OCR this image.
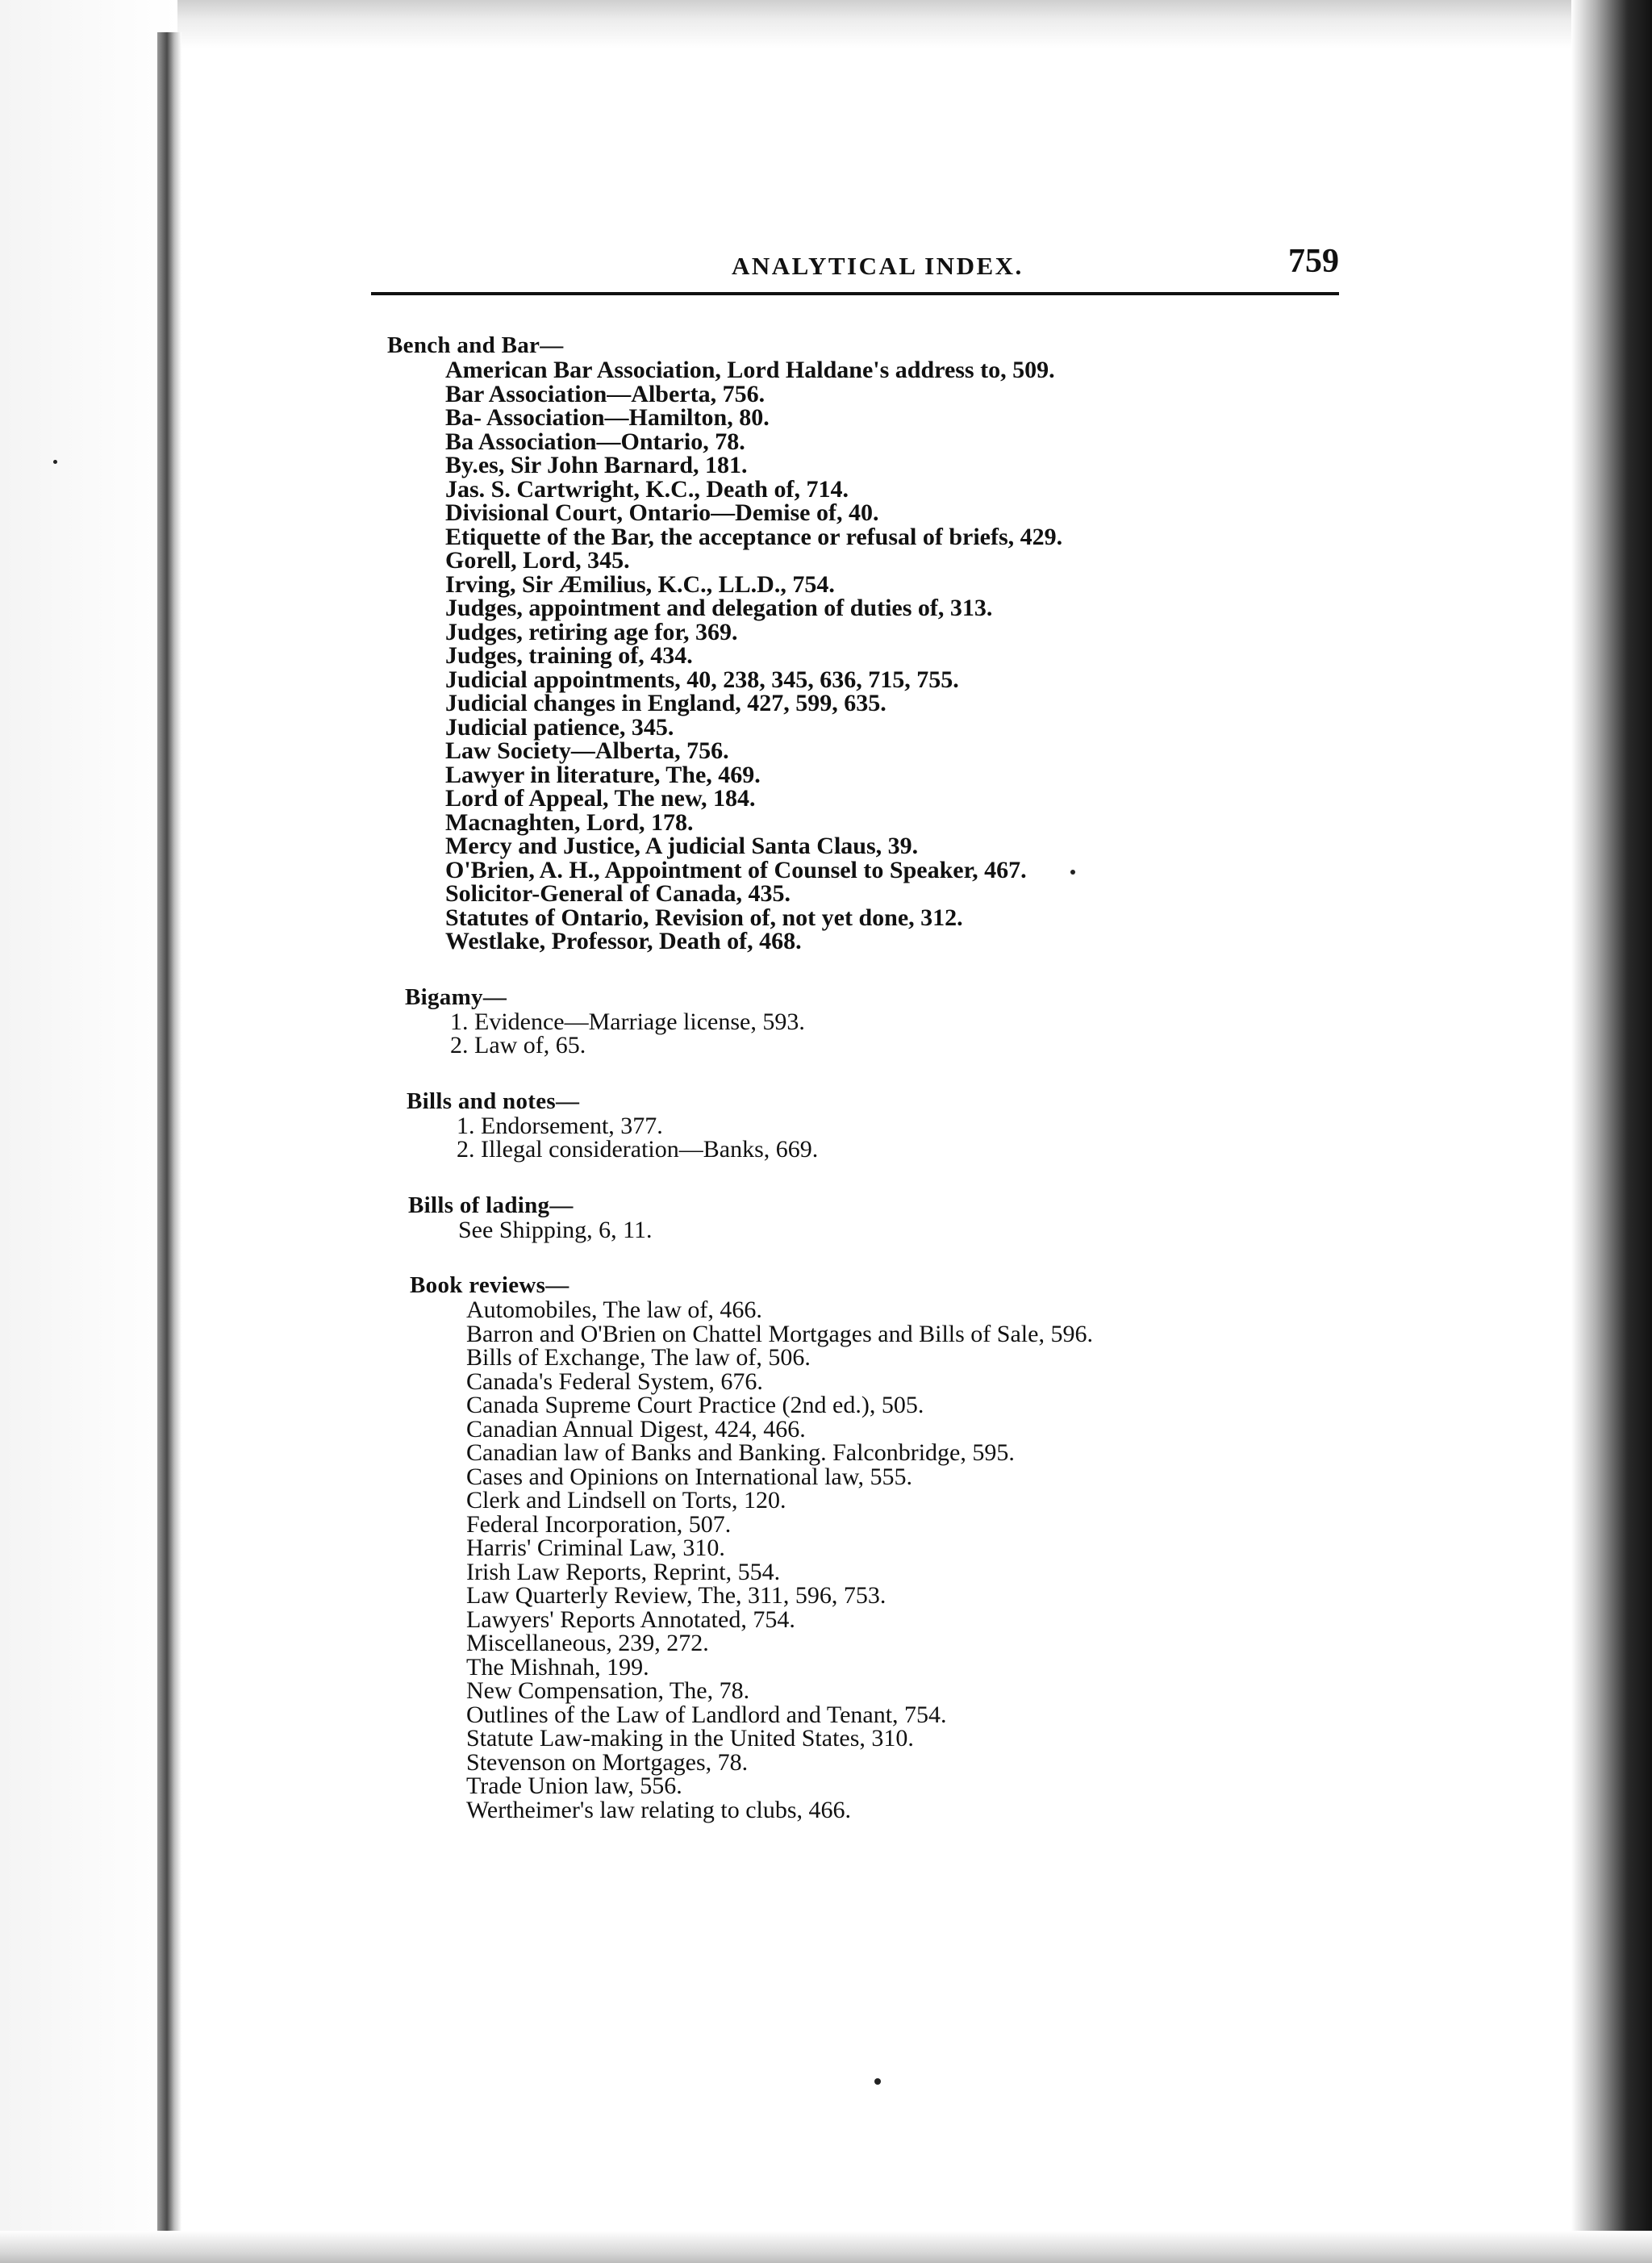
ANALYTICAL INDEX.	759
Bench and Bar—
American Bar Association, Lord Haldane's address to, 509.
Bar Association—Alberta, 756.
Ba- Association—Hamilton, 80.
Ba Association—Ontario, 78.
By.es, Sir John Barnard, 181.
Jas. S. Cartwright, K.C., Death of, 714.
Divisional Court, Ontario—Demise of, 40.
Etiquette of the Bar, the acceptance or refusal of briefs, 429.
Gorell, Lord, 345.
Irving, Sir Æmilius, K.C., LL.D., 754.
Judges, appointment and delegation of duties of, 313.
Judges, retiring age for, 369.
Judges, training of, 434.
Judicial appointments, 40, 238, 345, 636, 715, 755.
Judicial changes in England, 427, 599, 635.
Judicial patience, 345.
Law Society—Alberta, 756.
Lawyer in literature, The, 469.
Lord of Appeal, The new, 184.
Macnaghten, Lord, 178.
Mercy and Justice, A judicial Santa Claus, 39.
O'Brien, A. H., Appointment of Counsel to Speaker, 467.
Solicitor-General of Canada, 435.
Statutes of Ontario, Revision of, not yet done, 312.
Westlake, Professor, Death of, 468.
Bigamy—
1. Evidence—Marriage license, 593.
2. Law of, 65.
Bills and notes—
1. Endorsement, 377.
2. Illegal consideration—Banks, 669.
Bills of lading—
See Shipping, 6, 11.
Book reviews—
Automobiles, The law of, 466.
Barron and O'Brien on Chattel Mortgages and Bills of Sale, 596.
Bills of Exchange, The law of, 506.
Canada's Federal System, 676.
Canada Supreme Court Practice (2nd ed.), 505.
Canadian Annual Digest, 424, 466.
Canadian law of Banks and Banking. Falconbridge, 595.
Cases and Opinions on International law, 555.
Clerk and Lindsell on Torts, 120.
Federal Incorporation, 507.
Harris' Criminal Law, 310.
Irish Law Reports, Reprint, 554.
Law Quarterly Review, The, 311, 596, 753.
Lawyers' Reports Annotated, 754.
Miscellaneous, 239, 272.
The Mishnah, 199.
New Compensation, The, 78.
Outlines of the Law of Landlord and Tenant, 754.
Statute Law-making in the United States, 310.
Stevenson on Mortgages, 78.
Trade Union law, 556.
Wertheimer's law relating to clubs, 466.
